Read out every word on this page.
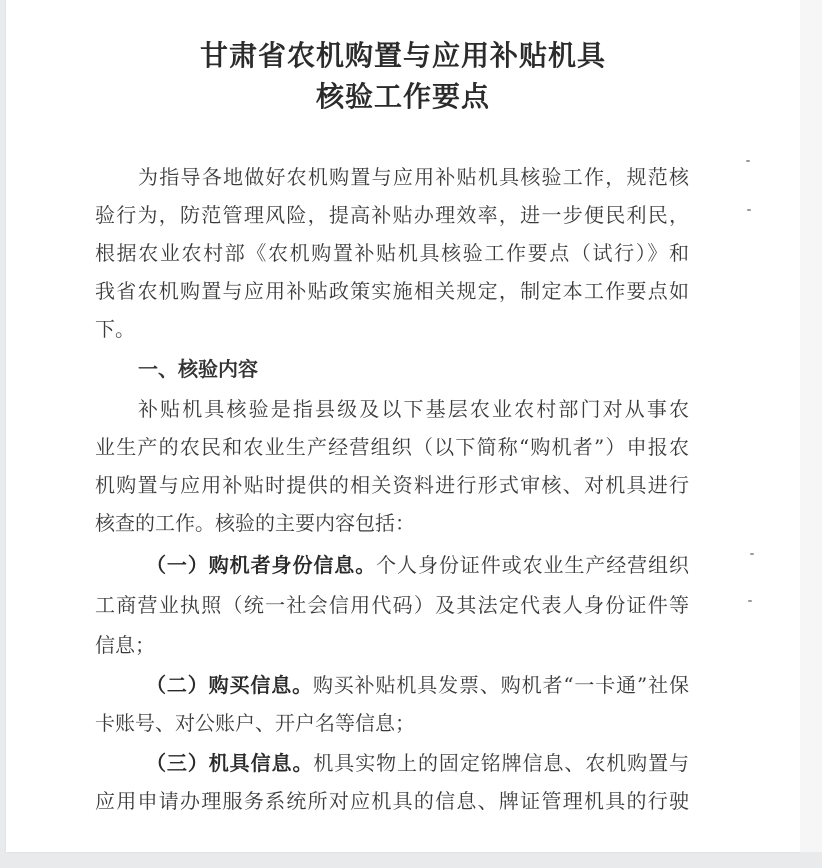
甘肃省农机购置与应用补贴机具
核验工作要点
为指导各地做好农机购置与应用补贴机具核验工作，规范核
验行为，防范管理风险，提高补贴办理效率，进一步便民利民，
根据农业农村部《农机购置补贴机具核验工作要点（试行）》和
我省农机购置与应用补贴政策实施相关规定，制定本工作要点如
下。
一、核验内容
补贴机具核验是指县级及以下基层农业农村部门对从事农
业生产的农民和农业生产经营组织（以下简称“购机者”）申报农
机购置与应用补贴时提供的相关资料进行形式审核、对机具进行
核查的工作。核验的主要内容包括：
（一）购机者身份信息。个人身份证件或农业生产经营组织
工商营业执照（统一社会信用代码）及其法定代表人身份证件等
信息；
（二）购买信息。购买补贴机具发票、购机者“一卡通”社保
卡账号、对公账户、开户名等信息；
（三）机具信息。机具实物上的固定铭牌信息、农机购置与
应用申请办理服务系统所对应机具的信息、牌证管理机具的行驶
